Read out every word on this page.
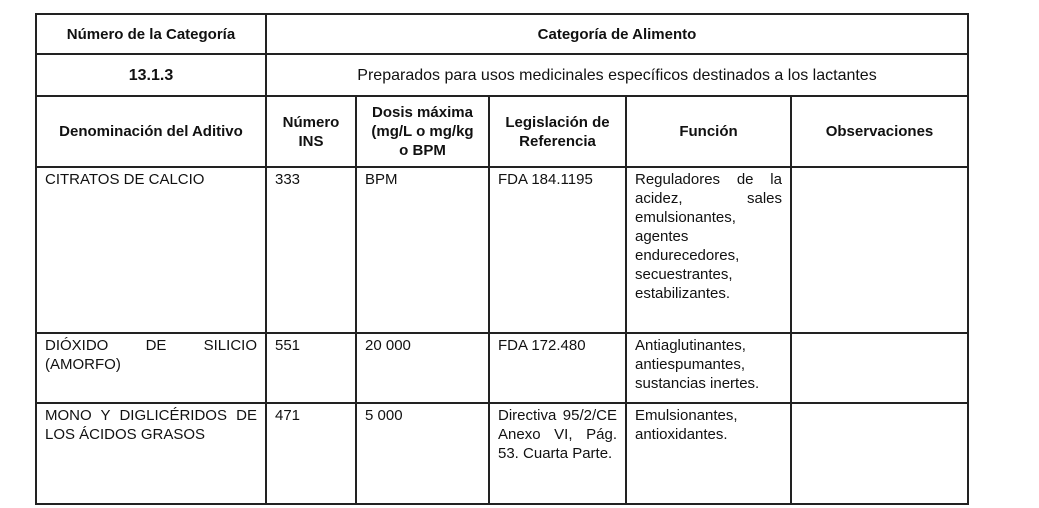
Número de la Categoría	Categoría de Alimento				
13.1.3	Preparados para usos medicinales específicos destinados a los lactantes				
Denominación del Aditivo	Número INS	Dosis máxima (mg/L o mg/kg o BPM	Legislación de Referencia	Función	Observaciones
CITRATOS DE CALCIO	333	BPM	FDA 184.1195	Reguladores de la acidez, sales emulsionantes, agentes endurecedores, secuestrantes, estabilizantes.	
DIÓXIDO DE SILICIO (AMORFO)	551	20 000	FDA 172.480	Antiaglutinantes, antiespumantes, sustancias inertes.	
MONO Y DIGLICÉRIDOS DE LOS ÁCIDOS GRASOS	471	5 000	Directiva 95/2/CE Anexo VI, Pág. 53. Cuarta Parte.	Emulsionantes, antioxidantes.	
